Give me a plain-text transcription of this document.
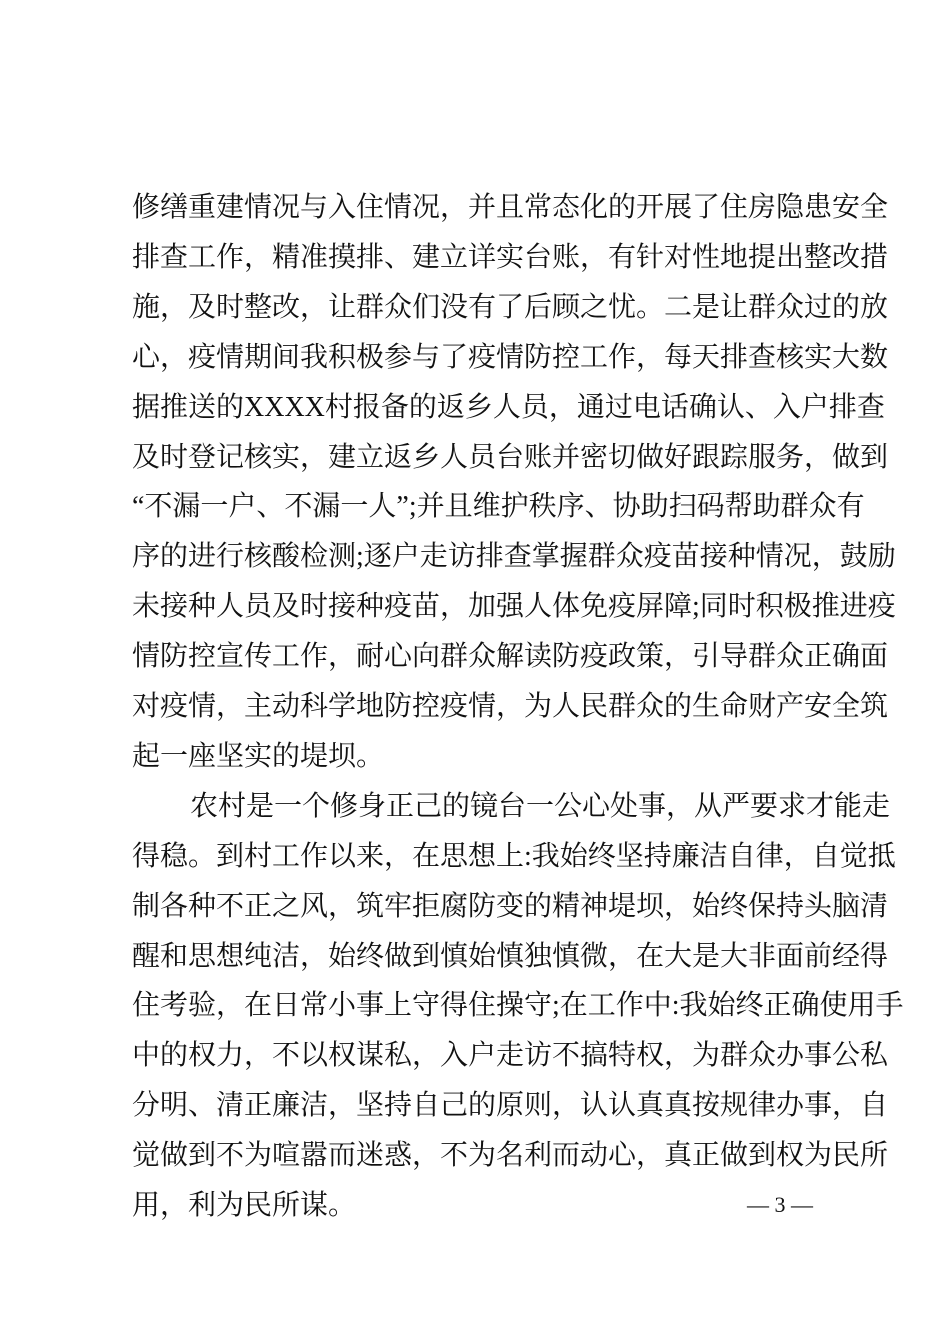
修缮重建情况与入住情况，并且常态化的开展了住房隐患安全
排查工作，精准摸排、建立详实台账，有针对性地提出整改措
施，及时整改，让群众们没有了后顾之忧。二是让群众过的放
心，疫情期间我积极参与了疫情防控工作，每天排查核实大数
据推送的XXXX村报备的返乡人员，通过电话确认、入户排查
及时登记核实，建立返乡人员台账并密切做好跟踪服务，做到
“不漏一户、不漏一人”;并且维护秩序、协助扫码帮助群众有
序的进行核酸检测;逐户走访排查掌握群众疫苗接种情况，鼓励
未接种人员及时接种疫苗，加强人体免疫屏障;同时积极推进疫
情防控宣传工作，耐心向群众解读防疫政策，引导群众正确面
对疫情，主动科学地防控疫情，为人民群众的生命财产安全筑
起一座坚实的堤坝。
农村是一个修身正己的镜台一公心处事，从严要求才能走
得稳。到村工作以来，在思想上:我始终坚持廉洁自律，自觉抵
制各种不正之风，筑牢拒腐防变的精神堤坝，始终保持头脑清
醒和思想纯洁，始终做到慎始慎独慎微，在大是大非面前经得
住考验，在日常小事上守得住操守;在工作中:我始终正确使用手
中的权力，不以权谋私，入户走访不搞特权，为群众办事公私
分明、清正廉洁，坚持自己的原则，认认真真按规律办事，自
觉做到不为喧嚣而迷惑，不为名利而动心，真正做到权为民所
用，利为民所谋。	— 3 —
